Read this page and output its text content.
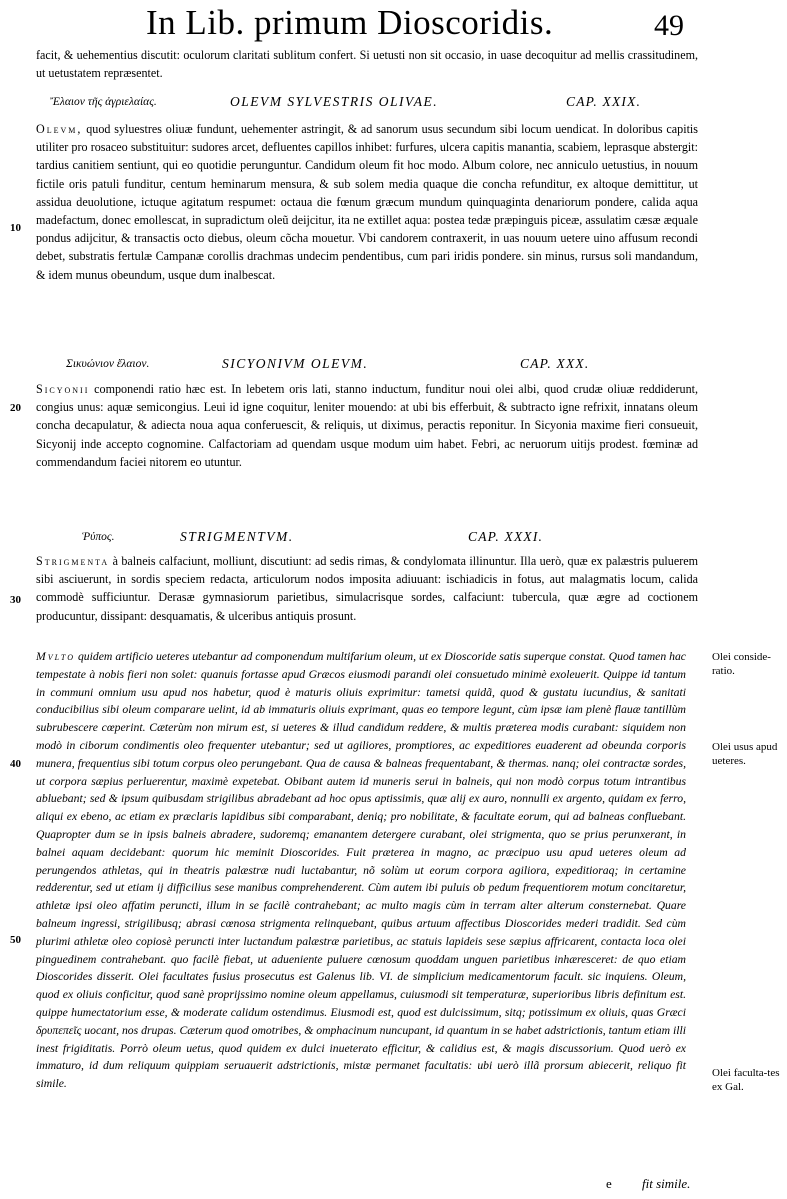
In Lib. primum Dioscoridis.	49

facit, & uehementius discutit: oculorum claritati sublitum confert. Si uetusti non sit occasio, in uase decoquitur ad mellis crassitudinem, ut uetustatem repræsentet.

Ἔλαιον τῆς ἀγριελαίας.	OLEVM SYLVESTRIS OLIVAE.	CAP. XXIX.

Olevm, quod syluestres oliuæ fundunt, uehementer astringit, & ad sanorum usus secundum sibi locum uendicat. In doloribus capitis utiliter pro rosaceo substituitur: sudores arcet, defluentes capillos inhibet: furfures, ulcera capitis manantia, scabiem, leprasque abstergit: tardius canitiem sentiunt, qui eo quotidie perunguntur. Candidum oleum fit hoc modo. Album colore, nec anniculo uetustius, in nouum fictile oris patuli funditur, centum heminarum mensura, & sub solem media quaque die concha refunditur, ex altoque demittitur, ut assidua deuolutione, ictuque agitatum respumet: octaua die fœnum græcum mundum quinquaginta denariorum pondere, calida aqua madefactum, donec emollescat, in supradictum oleũ deijcitur, ita ne extillet aqua: postea tedæ præpinguis piceæ, assulatim cæsæ æquale pondus adijcitur, & transactis octo diebus, oleum cõcha mouetur. Vbi candorem contraxerit, in uas nouum uetere uino affusum recondi debet, substratis fertulæ Campanæ corollis drachmas undecim pendentibus, cum pari iridis pondere. sin minus, rursus soli mandandum, & idem munus obeundum, usque dum inalbescat.

Σικυώνιον ἔλαιον.	SICYONIVM OLEVM.	CAP. XXX.

Sicyonii componendi ratio hæc est. In lebetem oris lati, stanno inductum, funditur noui olei albi, quod crudæ oliuæ reddiderunt, congius unus: aquæ semicongius. Leui id igne coquitur, leniter mouendo: at ubi bis efferbuit, & subtracto igne refrixit, innatans oleum concha decapulatur, & adiecta noua aqua conferuescit, & reliquis, ut diximus, peractis reponitur. In Sicyonia maxime fieri consueuit, Sicyonij inde accepto cognomine. Calfactoriam ad quendam usque modum uim habet. Febri, ac neruorum uitijs prodest. fœminæ ad commendandum faciei nitorem eo utuntur.

Ῥύπος.	STRIGMENTVM.	CAP. XXXI.

Strigmenta à balneis calfaciunt, molliunt, discutiunt: ad sedis rimas, & condylomata illinuntur. Illa uerò, quæ ex palæstris puluerem sibi asciuerunt, in sordis speciem redacta, articulorum nodos imposita adiuuant: ischiadicis in fotus, aut malagmatis locum, calida commodè sufficiuntur. Derasæ gymnasiorum parietibus, simulacrisque sordes, calfaciunt: tubercula, quæ ægre ad coctionem producuntur, dissipant: desquamatis, & ulceribus antiquis prosunt.

Mvlto quidem artificio ueteres utebantur ad componendum multifarium oleum, ut ex Dioscoride satis superque constat. Quod tamen hac tempestate à nobis fieri non solet: quanuis fortasse apud Græcos eiusmodi parandi olei consuetudo minimè exoleuerit. Quippe id tantum in communi omnium usu apud nos habetur, quod è maturis oliuis exprimitur: tametsi quidã, quod & gustatu iucundius, & sanitati conducibilius sibi oleum comparare uelint, id ab immaturis oliuis exprimant, quas eo tempore legunt, cùm ipsæ iam plenè flauæ tantillùm subrubescere cœperint. Cæterùm non mirum est, si ueteres & illud candidum reddere, & multis præterea modis curabant: siquidem non modò in ciborum condimentis oleo frequenter utebantur; sed ut agiliores, promptiores, ac expeditiores euaderent ad obeunda corporis munera, frequentius sibi totum corpus oleo perungebant. Qua de causa & balneas frequentabant, & thermas. nanq; olei contractæ sordes, ut corpora sæpius perluerentur, maximè expetebat. Obibant autem id muneris serui in balneis, qui non modò corpus totum intrantibus abluebant; sed & ipsum quibusdam strigilibus abradebant ad hoc opus aptissimis, quæ alij ex auro, nonnulli ex argento, quidam ex ferro, aliqui ex ebeno, ac etiam ex præclaris lapidibus sibi comparabant, deniq; pro nobilitate, & facultate eorum, qui ad balneas confluebant. Quapropter dum se in ipsis balneis abradere, sudoremq; emanantem detergere curabant, olei strigmenta, quo se prius perunxerant, in balnei aquam decidebant: quorum hic meminit Dioscorides. Fuit præterea in magno, ac præcipuo usu apud ueteres oleum ad perungendos athletas, qui in theatris palæstræ nudi luctabantur, nõ solùm ut eorum corpora agiliora, expeditioraq; in certamine redderentur, sed ut etiam ij difficilius sese manibus comprehenderent. Cùm autem ibi puluis ob pedum frequentiorem motum concitaretur, athletæ ipsi oleo affatim peruncti, illum in se facilè contrahebant; ac multo magis cùm in terram alter alterum consternebat. Quare balneum ingressi, strigilibusq; abrasi cœnosa strigmenta relinquebant, quibus artuum affectibus Dioscorides mederi tradidit. Sed cùm plurimi athletæ oleo copiosè peruncti inter luctandum palæstræ parietibus, ac statuis lapideis sese sæpius affricarent, contacta loca olei pinguedinem contrahebant. quo facilè fiebat, ut adueniente puluere cœnosum quoddam unguen parietibus inhæresceret: de quo etiam Dioscorides disserit. Olei facultates fusius prosecutus est Galenus lib. VI. de simplicium medicamentorum facult. sic inquiens. Oleum, quod ex oliuis conficitur, quod sanè proprijssimo nomine oleum appellamus, cuiusmodi sit temperaturæ, superioribus libris definitum est. quippe humectatorium esse, & moderate calidum ostendimus. Eiusmodi est, quod est dulcissimum, sitq; potissimum ex oliuis, quas Græci δρυπεπεῖς uocant, nos drupas. Cæterum quod omotribes, & omphacinum nuncupant, id quantum in se habet adstrictionis, tantum etiam illi inest frigiditatis. Porrò oleum uetus, quod quidem ex dulci inueterato efficitur, & calidius est, & magis discussorium. Quod uerò ex immaturo, id dum reliquum quippiam seruauerit adstrictionis, mistæ permanet facultatis: ubi uerò illã prorsum abiecerit, reliquo fit simile.

10
20
30
40
50
Olei conside-ratio.
Olei usus apud ueteres.
Olei faculta-tes ex Gal.
e fit simile.
